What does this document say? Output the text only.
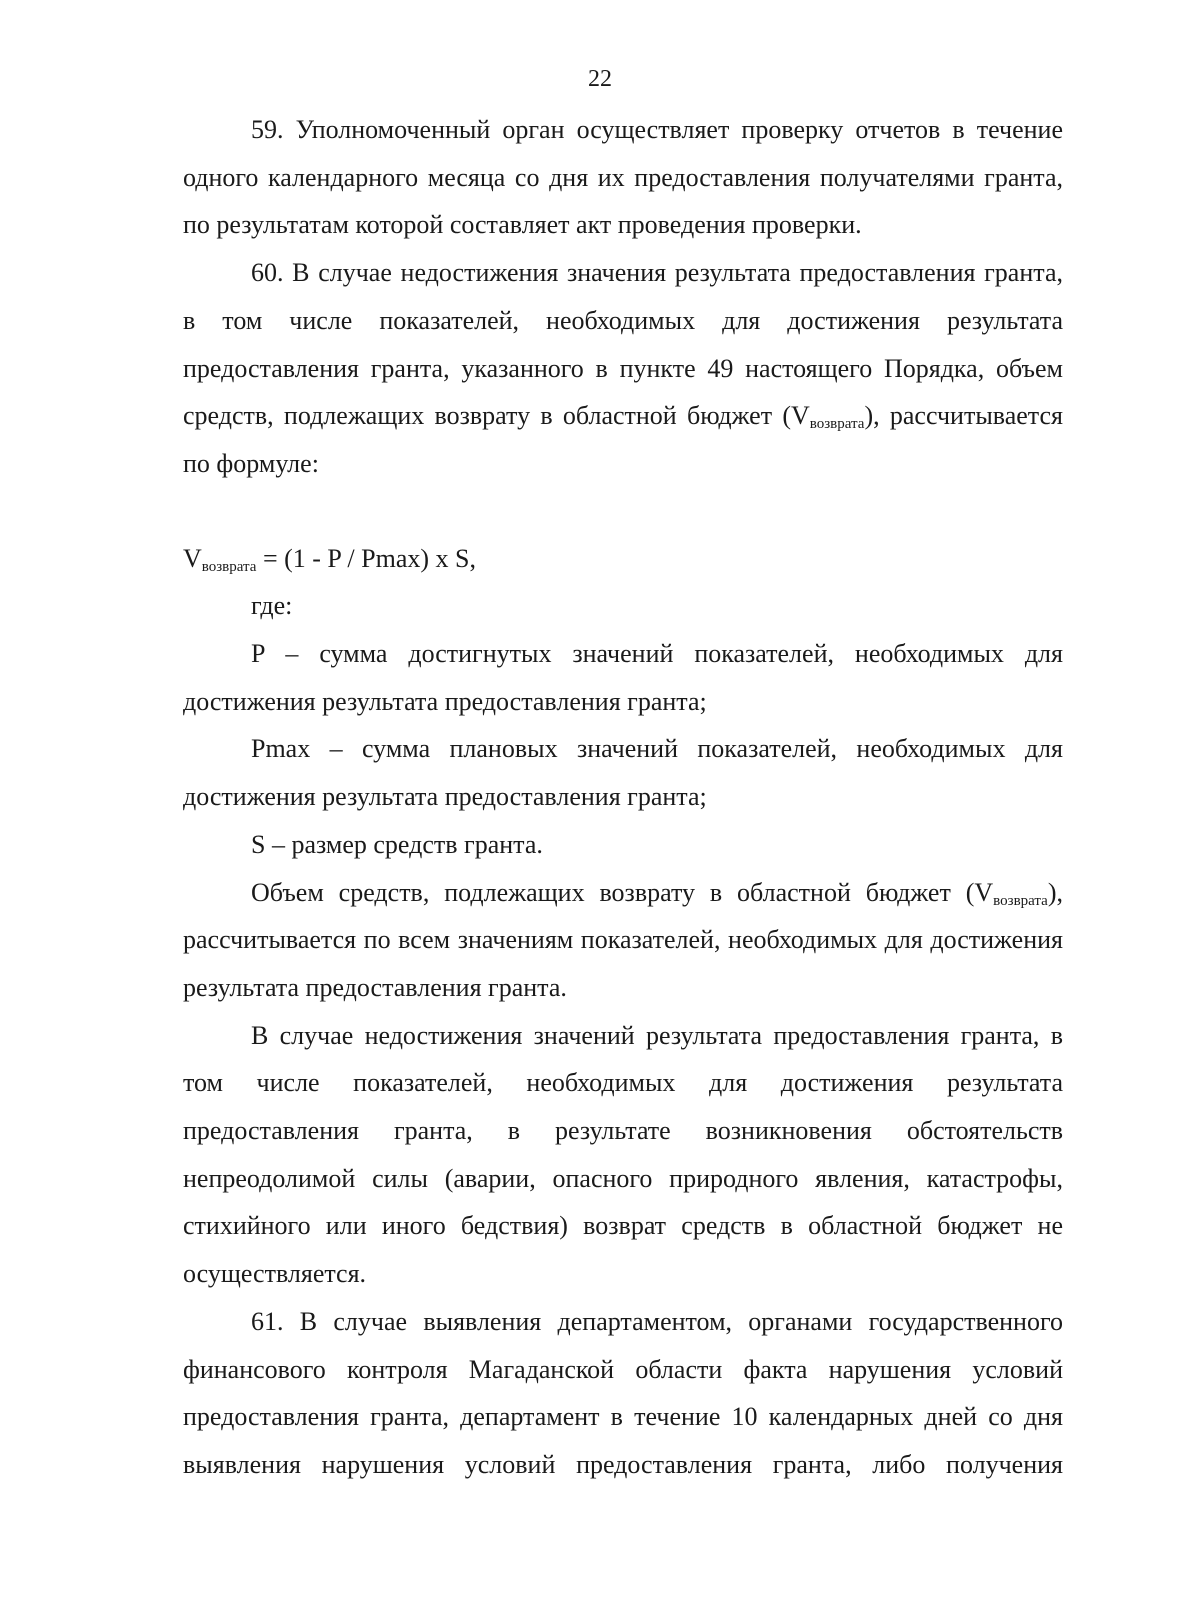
22

59. Уполномоченный орган осуществляет проверку отчетов в течение одного календарного месяца со дня их предоставления получателями гранта, по результатам которой составляет акт проведения проверки.

60. В случае недостижения значения результата предоставления гранта, в том числе показателей, необходимых для достижения результата предоставления гранта, указанного в пункте 49 настоящего Порядка, объем средств, подлежащих возврату в областной бюджет $(V_{возврата})$, рассчитывается по формуле:

$V_{возврата} = (1 - P / Pmax)$ x S,

где:

P – сумма достигнутых значений показателей, необходимых для достижения результата предоставления гранта;

Pmax – сумма плановых значений показателей, необходимых для достижения результата предоставления гранта;

S – размер средств гранта.

Объем средств, подлежащих возврату в областной бюджет $(V_{возврата})$, рассчитывается по всем значениям показателей, необходимых для достижения результата предоставления гранта.

В случае недостижения значений результата предоставления гранта, в том числе показателей, необходимых для достижения результата предоставления гранта, в результате возникновения обстоятельств непреодолимой силы (аварии, опасного природного явления, катастрофы, стихийного или иного бедствия) возврат средств в областной бюджет не осуществляется.

61. В случае выявления департаментом, органами государственного финансового контроля Магаданской области факта нарушения условий предоставления гранта, департамент в течение 10 календарных дней со дня выявления нарушения условий предоставления гранта, либо получения
